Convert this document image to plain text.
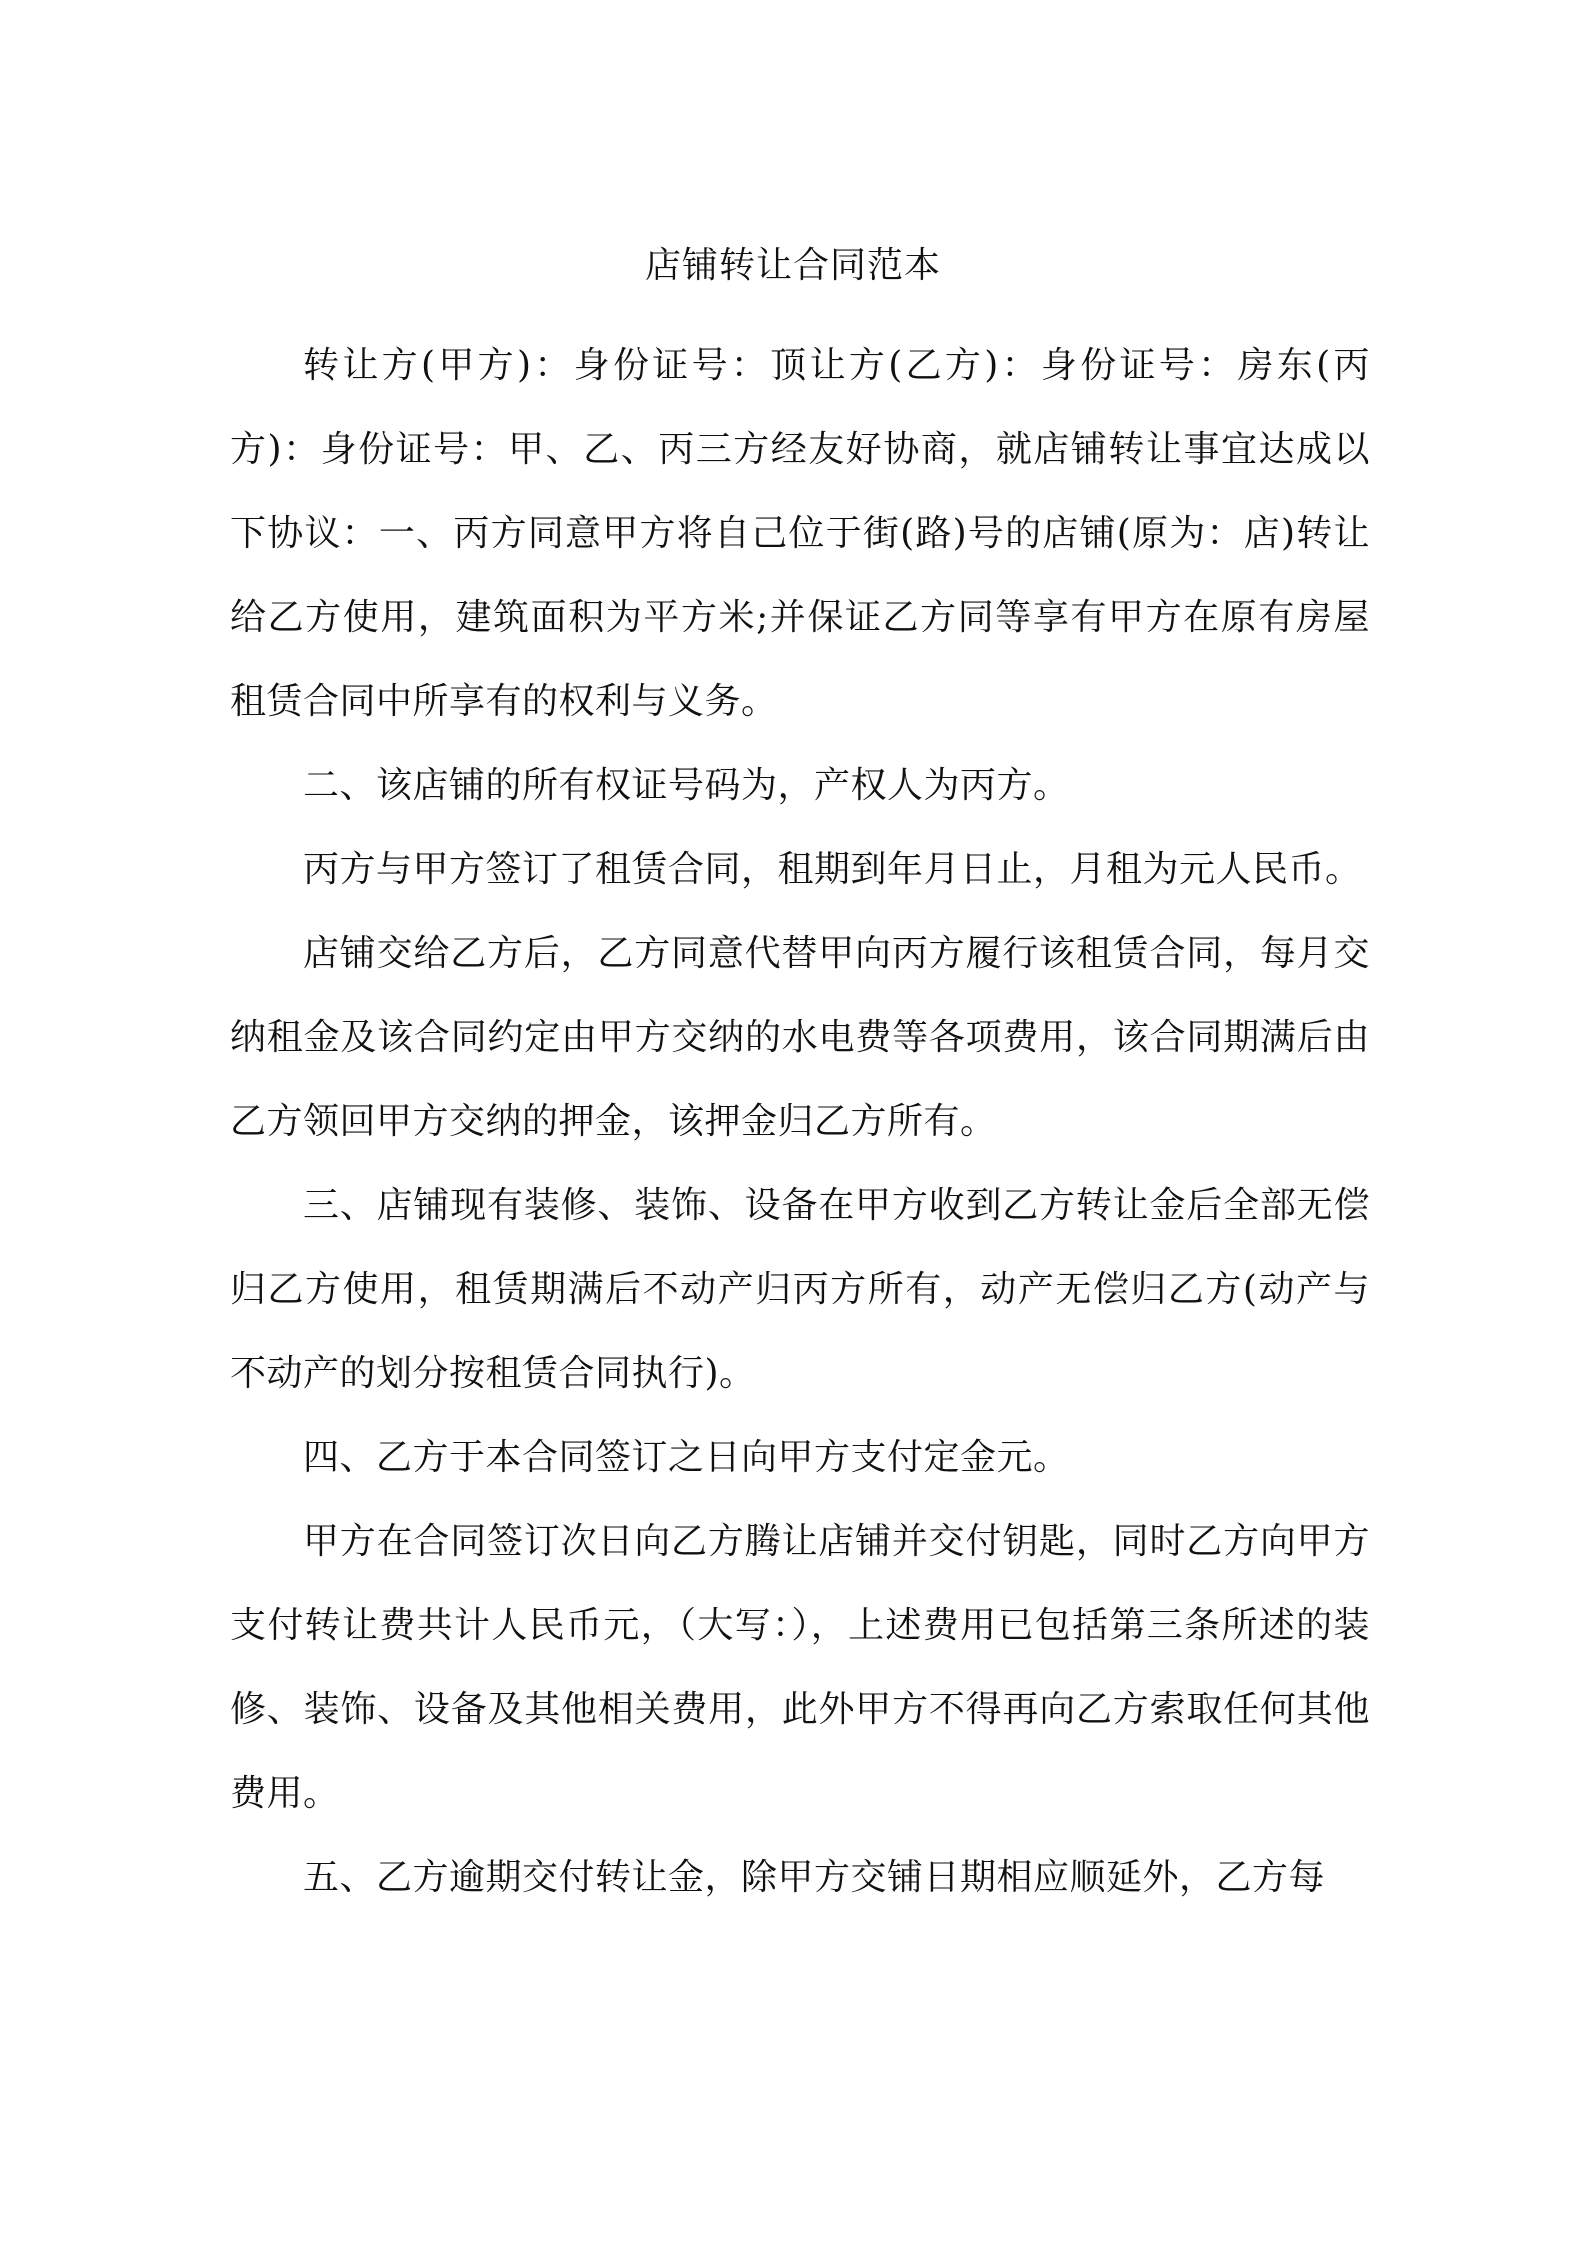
店铺转让合同范本

转让方(甲方)：身份证号：顶让方(乙方)：身份证号：房东(丙方)：身份证号：甲、乙、丙三方经友好协商，就店铺转让事宜达成以下协议：一、丙方同意甲方将自己位于街(路)号的店铺(原为：店)转让给乙方使用，建筑面积为平方米;并保证乙方同等享有甲方在原有房屋租赁合同中所享有的权利与义务。

二、该店铺的所有权证号码为，产权人为丙方。

丙方与甲方签订了租赁合同，租期到年月日止，月租为元人民币。

店铺交给乙方后，乙方同意代替甲向丙方履行该租赁合同，每月交纳租金及该合同约定由甲方交纳的水电费等各项费用，该合同期满后由乙方领回甲方交纳的押金，该押金归乙方所有。

三、店铺现有装修、装饰、设备在甲方收到乙方转让金后全部无偿归乙方使用，租赁期满后不动产归丙方所有，动产无偿归乙方(动产与不动产的划分按租赁合同执行)。

四、乙方于本合同签订之日向甲方支付定金元。

甲方在合同签订次日向乙方腾让店铺并交付钥匙，同时乙方向甲方支付转让费共计人民币元，（大写：），上述费用已包括第三条所述的装修、装饰、设备及其他相关费用，此外甲方不得再向乙方索取任何其他费用。

五、乙方逾期交付转让金，除甲方交铺日期相应顺延外，乙方每
